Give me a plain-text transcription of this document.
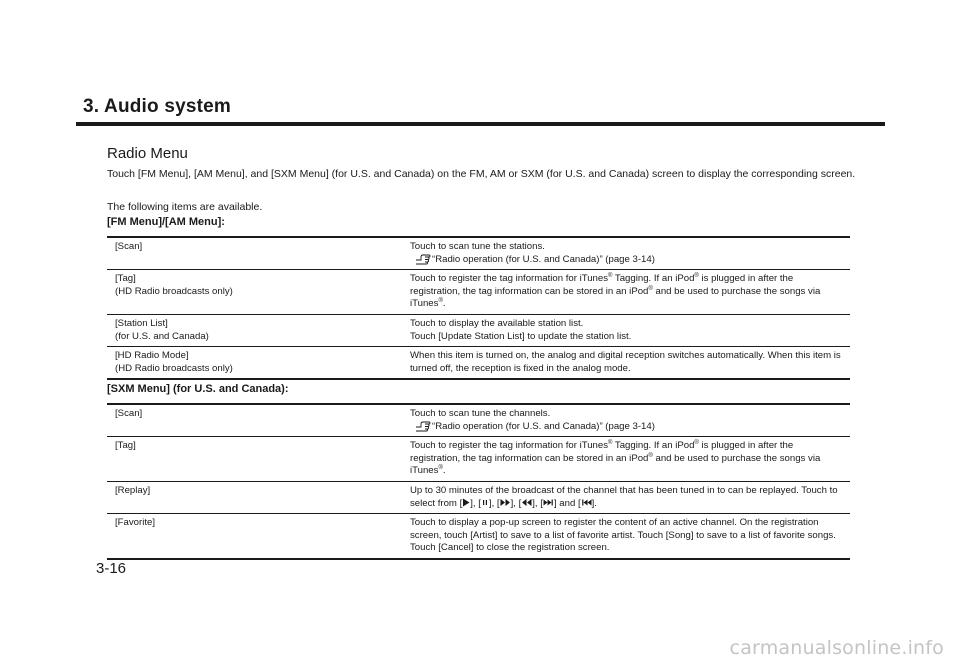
3. Audio system
Radio Menu

Touch [FM Menu], [AM Menu], and [SXM Menu] (for U.S. and Canada) on the FM, AM or SXM (for U.S. and Canada) screen to display the corresponding screen.

The following items are available.

[FM Menu]/[AM Menu]:

[Scan]	Touch to scan tune the stations.
“Radio operation (for U.S. and Canada)” (page 3-14)

[Tag]
(HD Radio broadcasts only)	Touch to register the tag information for iTunes® Tagging. If an iPod® is plugged in after the registration, the tag information can be stored in an iPod® and be used to purchase the songs via iTunes®.
[Station List]
(for U.S. and Canada)	Touch to display the available station list.
Touch [Update Station List] to update the station list.
[HD Radio Mode]
(HD Radio broadcasts only)	When this item is turned on, the analog and digital reception switches automatically. When this item is turned off, the reception is fixed in the analog mode.

[SXM Menu] (for U.S. and Canada):

[Scan]	Touch to scan tune the channels.
“Radio operation (for U.S. and Canada)” (page 3-14)

[Tag]	Touch to register the tag information for iTunes® Tagging. If an iPod® is plugged in after the registration, the tag information can be stored in an iPod® and be used to purchase the songs via iTunes®.
[Replay]	Up to 30 minutes of the broadcast of the channel that has been tuned in to can be replayed. Touch to select from [ ], [ ], [ ], [ ], [ ] and [ ].
[Favorite]	Touch to display a pop-up screen to register the content of an active channel. On the registration screen, touch [Artist] to save to a list of favorite artist. Touch [Song] to save to a list of favorite songs. Touch [Cancel] to close the registration screen.

3-16

carmanualsonline.info
